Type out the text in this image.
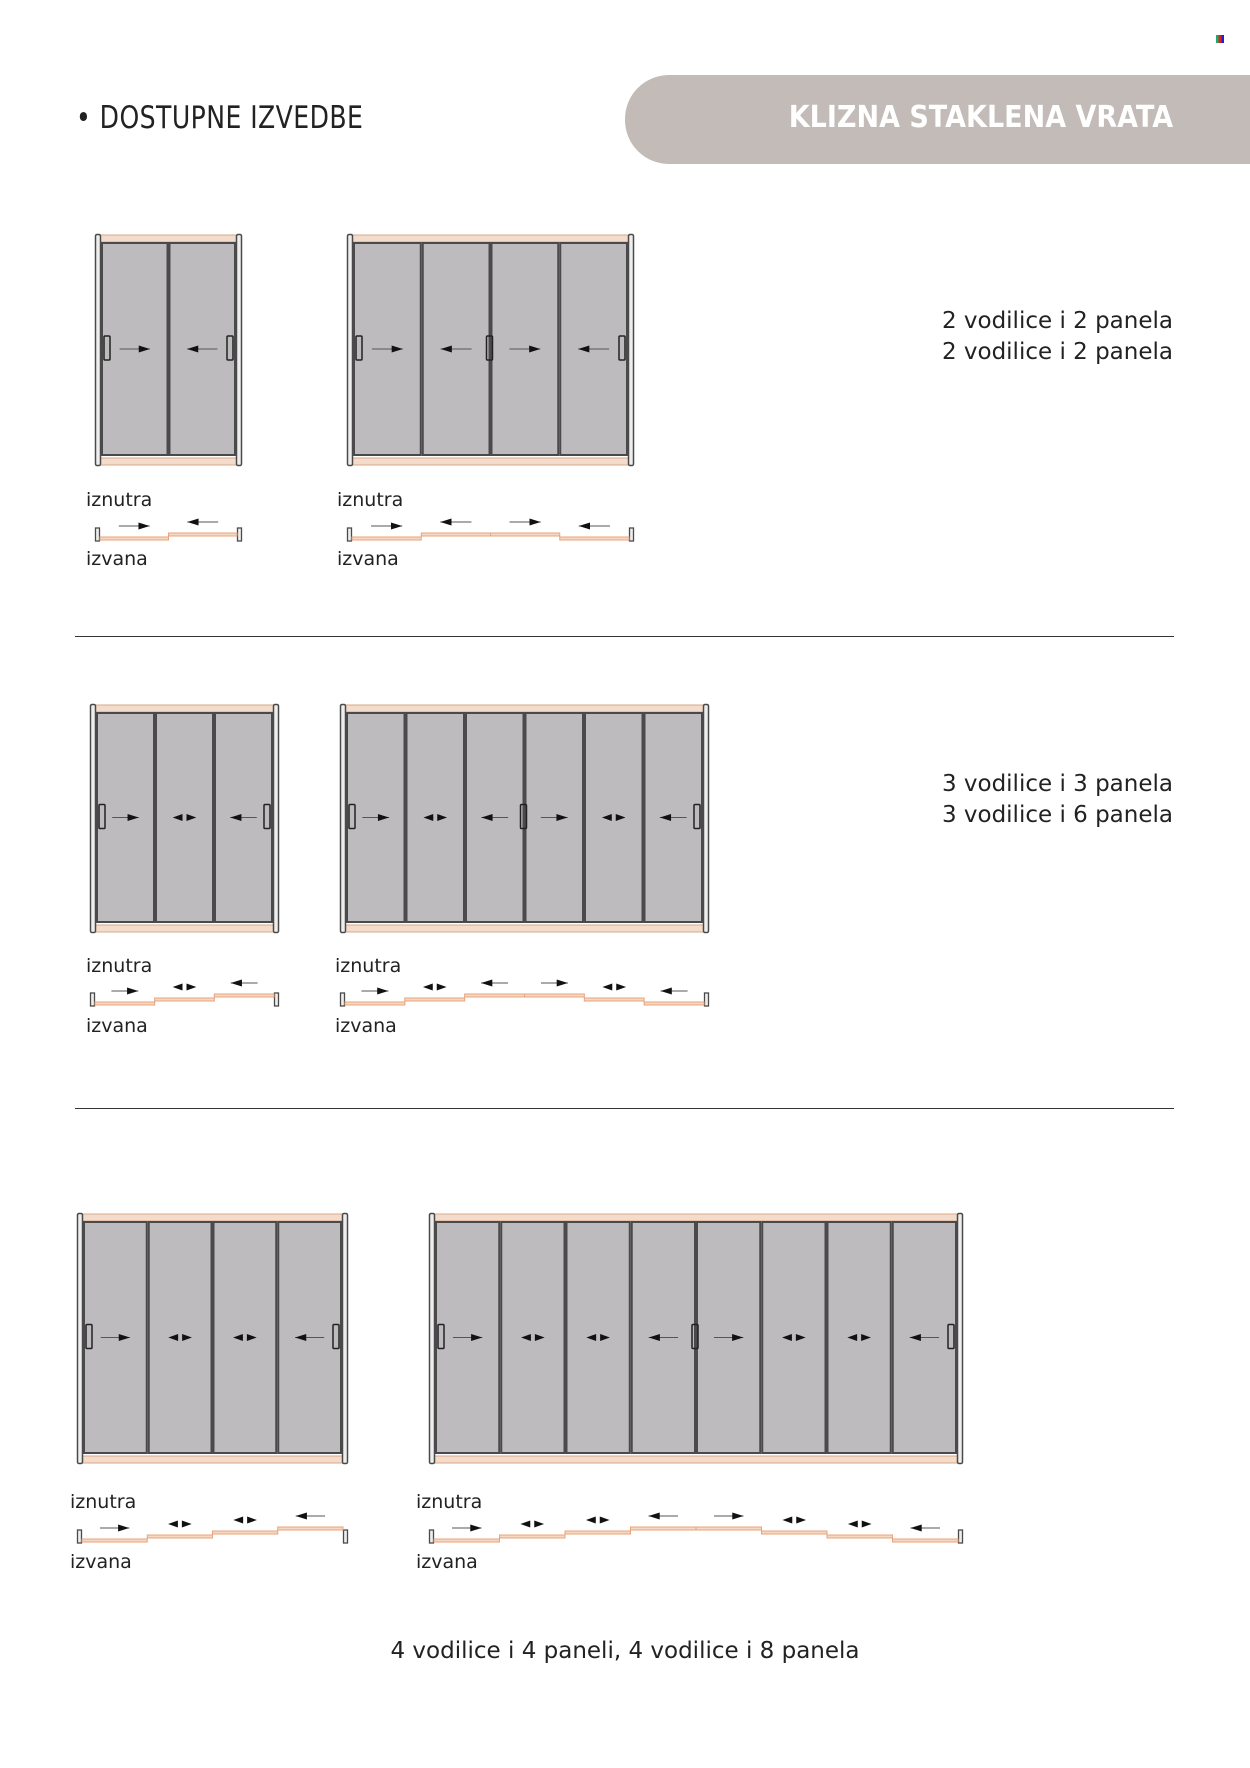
• DOSTUPNE IZVEDBE	KLIZNA STAKLENA VRATA
2 vodilice i 2 panela
2 vodilice i 2 panela
iznutra
izvana
iznutra
izvana
3 vodilice i 3 panela
3 vodilice i 6 panela
iznutra
izvana
iznutra
izvana
iznutra
izvana
iznutra
izvana
4 vodilice i 4 paneli, 4 vodilice i 8 panela
